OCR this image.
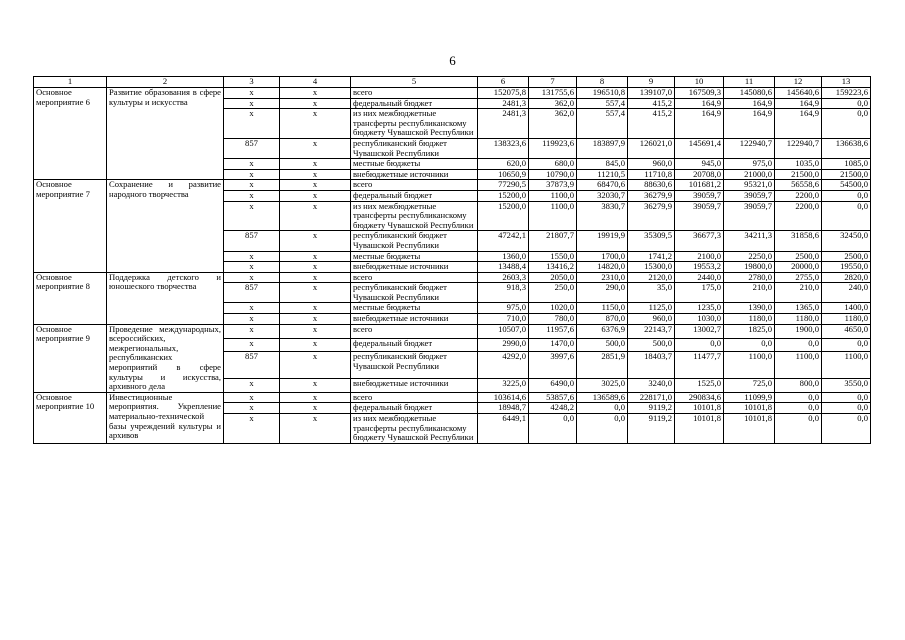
6
1	2	3	4	5	6	7	8	9	10	11	12	13
Основное мероприятие 6	Развитие образования в сфере культуры и искусства	х	х	всего	152075,8	131755,6	196510,8	139107,0	167509,3	145080,6	145640,6	159223,6
		х	х	федеральный бюджет	2481,3	362,0	557,4	415,2	164,9	164,9	164,9	0,0
		х	х	из них межбюджетные трансферты республиканскому бюджету Чувашской Республики	2481,3	362,0	557,4	415,2	164,9	164,9	164,9	0,0
		857	х	республиканский бюджет Чувашской Республики	138323,6	119923,6	183897,9	126021,0	145691,4	122940,7	122940,7	136638,6
		х	х	местные бюджеты	620,0	680,0	845,0	960,0	945,0	975,0	1035,0	1085,0
		х	х	внебюджетные источники	10650,9	10790,0	11210,5	11710,8	20708,0	21000,0	21500,0	21500,0
Основное мероприятие 7	Сохранение и развитие народного творчества	х	х	всего	77290,5	37873,9	68470,6	88630,6	101681,2	95321,0	56558,6	54500,0
		х	х	федеральный бюджет	15200,0	1100,0	32030,7	36279,9	39059,7	39059,7	2200,0	0,0
		х	х	из них межбюджетные трансферты республиканскому бюджету Чувашской Республики	15200,0	1100,0	3830,7	36279,9	39059,7	39059,7	2200,0	0,0
		857	х	республиканский бюджет Чувашской Республики	47242,1	21807,7	19919,9	35309,5	36677,3	34211,3	31858,6	32450,0
		х	х	местные бюджеты	1360,0	1550,0	1700,0	1741,2	2100,0	2250,0	2500,0	2500,0
		х	х	внебюджетные источники	13488,4	13416,2	14820,0	15300,0	19553,2	19800,0	20000,0	19550,0
Основное мероприятие 8	Поддержка детского и юношеского творчества	х	х	всего	2603,3	2050,0	2310,0	2120,0	2440,0	2780,0	2755,0	2820,0
		857	х	республиканский бюджет Чувашской Республики	918,3	250,0	290,0	35,0	175,0	210,0	210,0	240,0
		х	х	местные бюджеты	975,0	1020,0	1150,0	1125,0	1235,0	1390,0	1365,0	1400,0
		х	х	внебюджетные источники	710,0	780,0	870,0	960,0	1030,0	1180,0	1180,0	1180,0
Основное мероприятие 9	Проведение международных, всероссийских, межрегиональных, республиканских мероприятий в сфере культуры и искусства, архивного дела	х	х	всего	10507,0	11957,6	6376,9	22143,7	13002,7	1825,0	1900,0	4650,0
		х	х	федеральный бюджет	2990,0	1470,0	500,0	500,0	0,0	0,0	0,0	0,0
		857	х	республиканский бюджет Чувашской Республики	4292,0	3997,6	2851,9	18403,7	11477,7	1100,0	1100,0	1100,0
		х	х	внебюджетные источники	3225,0	6490,0	3025,0	3240,0	1525,0	725,0	800,0	3550,0
Основное мероприятие 10	Инвестиционные мероприятия. Укрепление материально-технической базы учреждений культуры и архивов	х	х	всего	103614,6	53857,6	136589,6	228171,0	290834,6	11099,9	0,0	0,0
		х	х	федеральный бюджет	18948,7	4248,2	0,0	9119,2	10101,8	10101,8	0,0	0,0
		х	х	из них межбюджетные трансферты республиканскому бюджету Чувашской Республики	6449,1	0,0	0,0	9119,2	10101,8	10101,8	0,0	0,0
